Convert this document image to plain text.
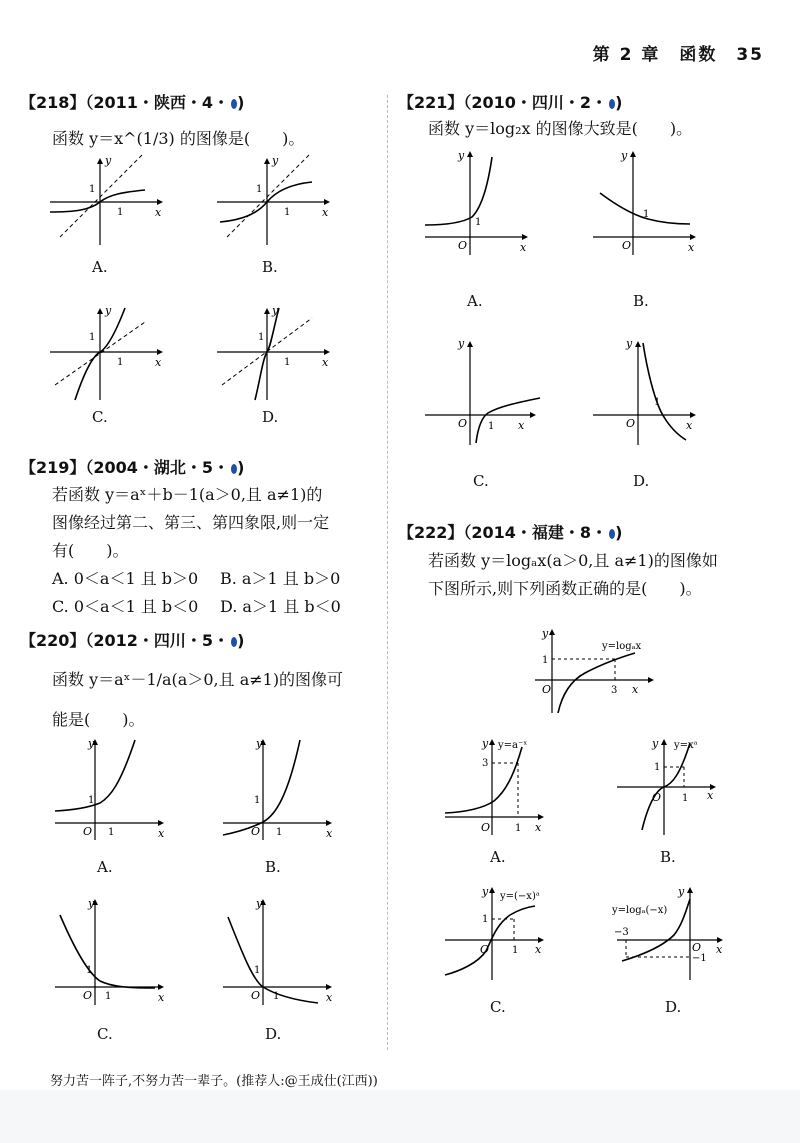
第 2 章　函数　35
【218】（2011・陕西・4・ )
函数 y＝x^(1/3) 的图像是(　　)。
y
x
1
1
A.
y
x
1
1
B.
y
x
1
1
C.
y
x
1
1
D.
【219】（2004・湖北・5・ )
若函数 y＝aˣ＋b－1(a＞0,且 a≠1)的
图像经过第二、第三、第四象限,则一定
有(　　)。
A. 0＜a＜1 且 b＞0 B. a＞1 且 b＞0
C. 0＜a＜1 且 b＜0 D. a＞1 且 b＜0
【220】（2012・四川・5・ )
函数 y＝aˣ－1/a(a＞0,且 a≠1)的图像可
能是(　　)。
y
x
1
O 1
A.
y
x
1
O 1
B.
y
x
1
O 1
C.
y
x
1
O 1
D.
【221】（2010・四川・2・ )
函数 y＝log₂x 的图像大致是(　　)。
y
x
1
O
A.
y
x
1
O
B.
y
x
1
O
C.
y
x
1
O
D.
【222】（2014・福建・8・ )
若函数 y＝logₐx(a＞0,且 a≠1)的图像如
下图所示,则下列函数正确的是(　　)。
y
x
1
O	3
y=logₐx
y
x
3
O 1
y=a⁻ˣ
A.
y
x
1
O 1
y=xᵃ
B.
y
x
1
O 1
y=(−x)ᵃ
C.
y
x
−3
−1
O
y=logₐ(−x)
D.
努力苦一阵子,不努力苦一辈子。(推荐人:@王成仕(江西))
